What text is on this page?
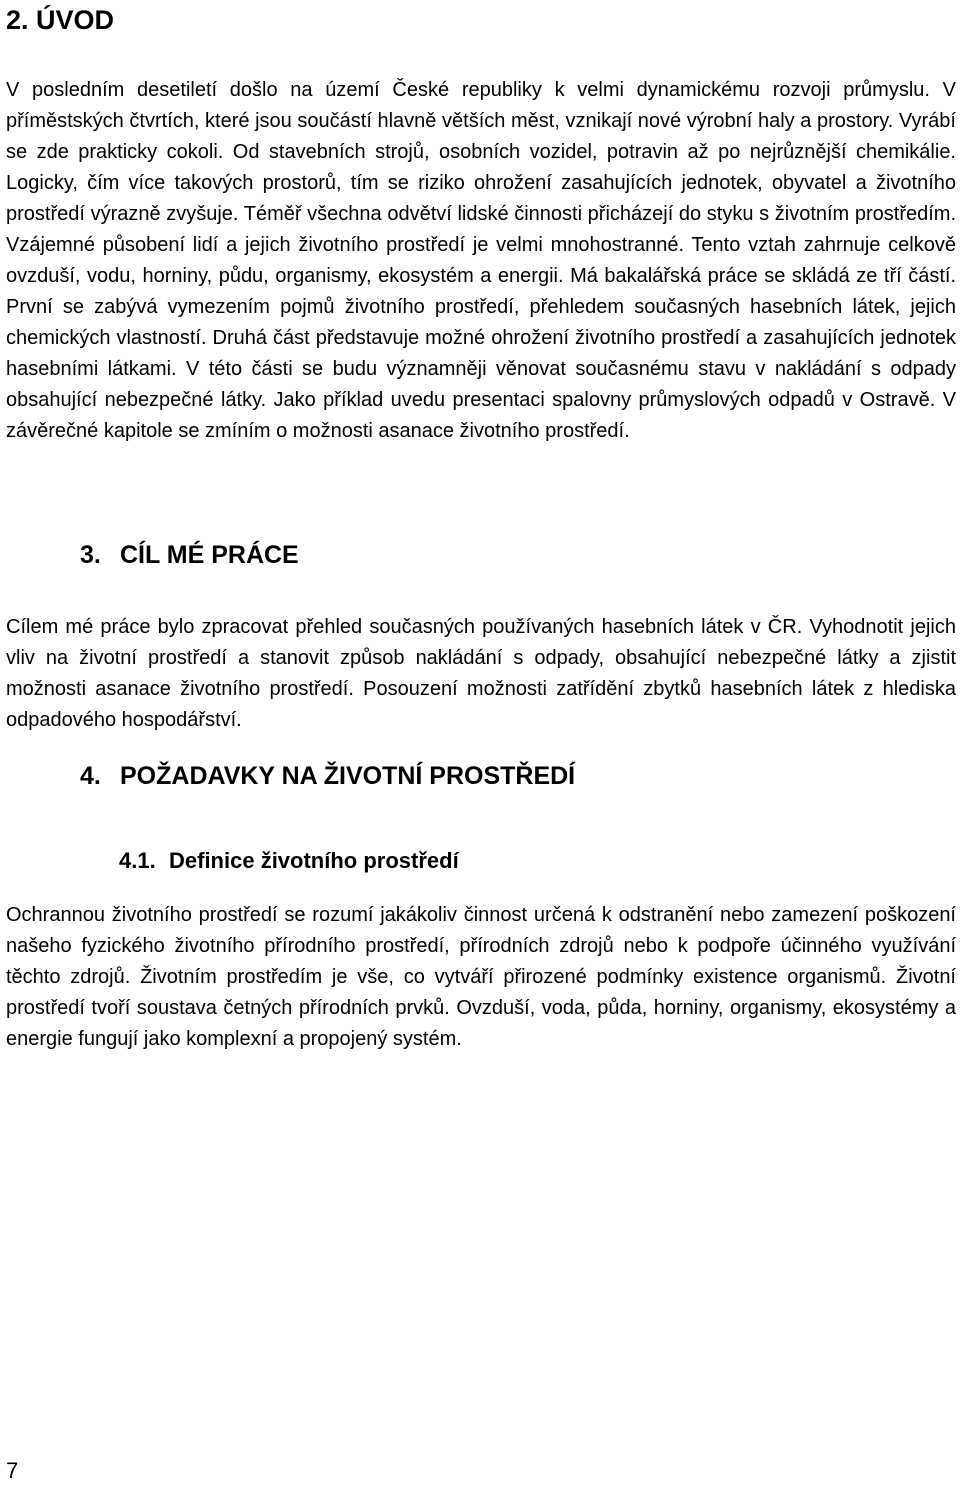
2. ÚVOD

V posledním desetiletí došlo na území České republiky k velmi dynamickému rozvoji průmyslu. V příměstských čtvrtích, které jsou součástí hlavně větších měst, vznikají nové výrobní haly a prostory. Vyrábí se zde prakticky cokoli. Od stavebních strojů, osobních vozidel, potravin až po nejrůznější chemikálie. Logicky, čím více takových prostorů, tím se riziko ohrožení zasahujících jednotek, obyvatel a životního prostředí výrazně zvyšuje. Téměř všechna odvětví lidské činnosti přicházejí do styku s životním prostředím. Vzájemné působení lidí a jejich životního prostředí je velmi mnohostranné. Tento vztah zahrnuje celkově ovzduší, vodu, horniny, půdu, organismy, ekosystém a energii. Má bakalářská práce se skládá ze tří částí. První se zabývá vymezením pojmů životního prostředí, přehledem současných hasebních látek, jejich chemických vlastností. Druhá část představuje možné ohrožení životního prostředí a zasahujících jednotek hasebními látkami. V této části se budu významněji věnovat současnému stavu v nakládání s odpady obsahující nebezpečné látky. Jako příklad uvedu presentaci spalovny průmyslových odpadů v Ostravě. V závěrečné kapitole se zmíním o možnosti asanace životního prostředí.

3. CÍL MÉ PRÁCE

Cílem mé práce bylo zpracovat přehled současných používaných hasebních látek v ČR. Vyhodnotit jejich vliv na životní prostředí a stanovit způsob nakládání s odpady, obsahující nebezpečné látky a zjistit možnosti asanace životního prostředí. Posouzení možnosti zatřídění zbytků hasebních látek z hlediska odpadového hospodářství.

4. POŽADAVKY NA ŽIVOTNÍ PROSTŘEDÍ
4.1. Definice životního prostředí

Ochrannou životního prostředí se rozumí jakákoliv činnost určená k odstranění nebo zamezení poškození našeho fyzického životního přírodního prostředí, přírodních zdrojů nebo k podpoře účinného využívání těchto zdrojů. Životním prostředím je vše, co vytváří přirozené podmínky existence organismů. Životní prostředí tvoří soustava četných přírodních prvků. Ovzduší, voda, půda, horniny, organismy, ekosystémy a energie fungují jako komplexní a propojený systém.

7
